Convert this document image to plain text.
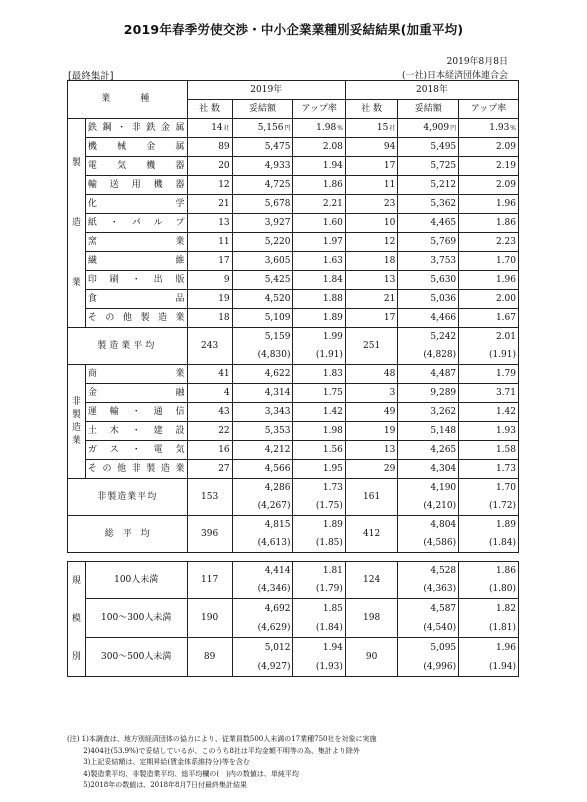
2019年春季労使交渉・中小企業業種別妥結結果(加重平均)
2019年8月8日
[最終集計]	(一社)日本経済団体連合会
業　　種		2019年			2018年		
		社 数	妥結額	アップ率	社 数	妥結額	アップ率
製
造
業	鉄鋼・非鉄金属	$14^社$	$5,156^円$	1.98%	$15^社$	$4,909^円$	1.93%
	機械金属	89	5,475	2.08	94	5,495	2.09
	電気機器	20	4,933	1.94	17	5,725	2.19
	輸送用機器	12	4,725	1.86	11	5,212	2.09
	化学	21	5,678	2.21	23	5,362	1.96
	紙・パルプ	13	3,927	1.60	10	4,465	1.86
	窯業	11	5,220	1.97	12	5,769	2.23
	繊維	17	3,605	1.63	18	3,753	1.70
	印刷・出版	9	5,425	1.84	13	5,630	1.96
	食品	19	4,520	1.88	21	5,036	2.00
	その他製造業	18	5,109	1.89	17	4,466	1.67
製造業平均		243	5,159	1.99	251	5,242	2.01
			(4,830)	(1.91)		(4,828)	(1.91)
非
製
造
業	商業	41	4,622	1.83	48	4,487	1.79
	金融	4	4,314	1.75	3	9,289	3.71
	運輸・通信	43	3,343	1.42	49	3,262	1.42
	土木・建設	22	5,353	1.98	19	5,148	1.93
	ガス・電気	16	4,212	1.56	13	4,265	1.58
	その他非製造業	27	4,566	1.95	29	4,304	1.73
非製造業平均		153	4,286	1.73	161	4,190	1.70
			(4,267)	(1.75)		(4,210)	(1.72)
総　平　均		396	4,815	1.89	412	4,804	1.89
			(4,613)	(1.85)		(4,586)	(1.84)

規
模
別	100人未満	117	4,414	1.81	124	4,528	1.86
			(4,346)	(1.79)		(4,363)	(1.80)
	100～300人未満	190	4,692	1.85	198	4,587	1.82
			(4,629)	(1.84)		(4,540)	(1.81)
	300～500人未満	89	5,012	1.94	90	5,095	1.96
			(4,927)	(1.93)		(4,996)	(1.94)
(注) 1)本調査は、地方別経済団体の協力により、従業員数500人未満の17業種750社を対象に実施
　　 2)404社(53.9%)で妥結しているが、このうち8社は平均金額不明等の為、集計より除外
　　 3)上記妥結額は、定期昇給(賃金体系維持分)等を含む
　　 4)製造業平均、非製造業平均、総平均欄の(　)内の数値は、単純平均
　　 5)2018年の数値は、2018年8月7日付最終集計結果
